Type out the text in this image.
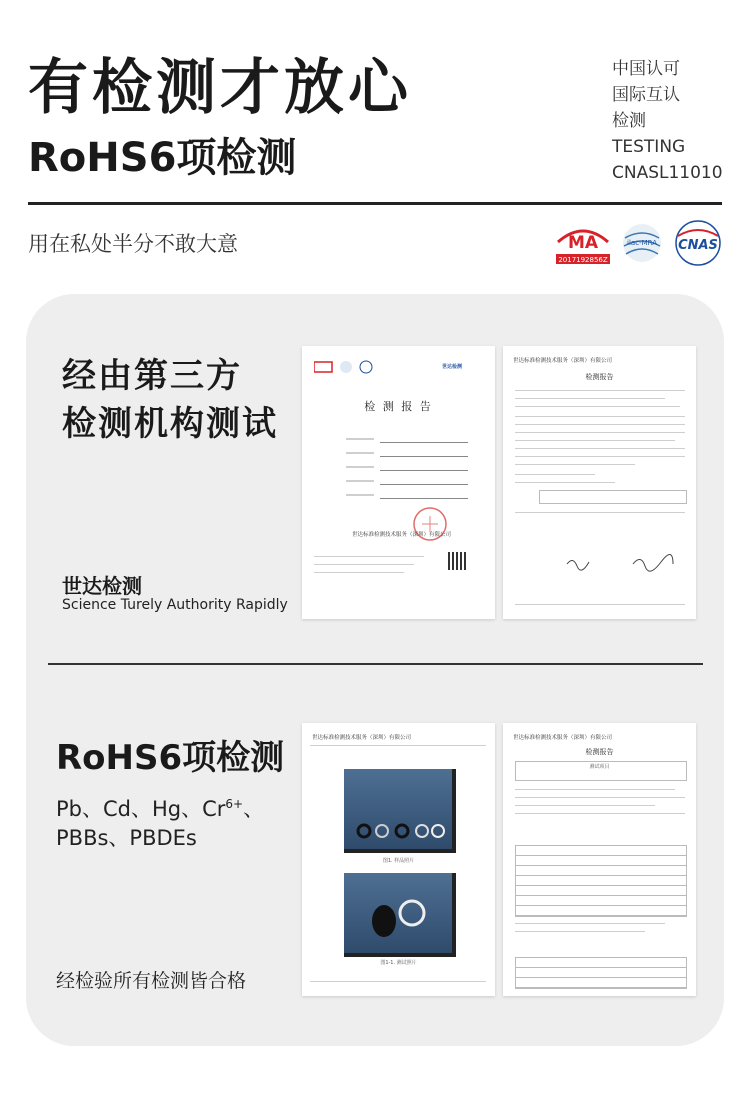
有检测才放心
RoHS6项检测
中国认可
国际互认
检测
TESTING
CNASL11010
用在私处半分不敢大意	MA
2017192856Z
ilac-MRA CNAS
经由第三方
检测机构测试
世达检测
Science Turely Authority Rapidly
世达检测
检 测 报 告
世达标准检测技术服务（深圳）有限公司
世达标准检测技术服务（深圳）有限公司
检测报告
RoHS6项检测
Pb、Cd、Hg、$Cr^{6+}$、
PBBs、PBDEs
经检验所有检测皆合格
世达标准检测技术服务（深圳）有限公司
图1. 样品照片
图1-1. 测试照片
世达标准检测技术服务（深圳）有限公司
检测报告
测试项目
